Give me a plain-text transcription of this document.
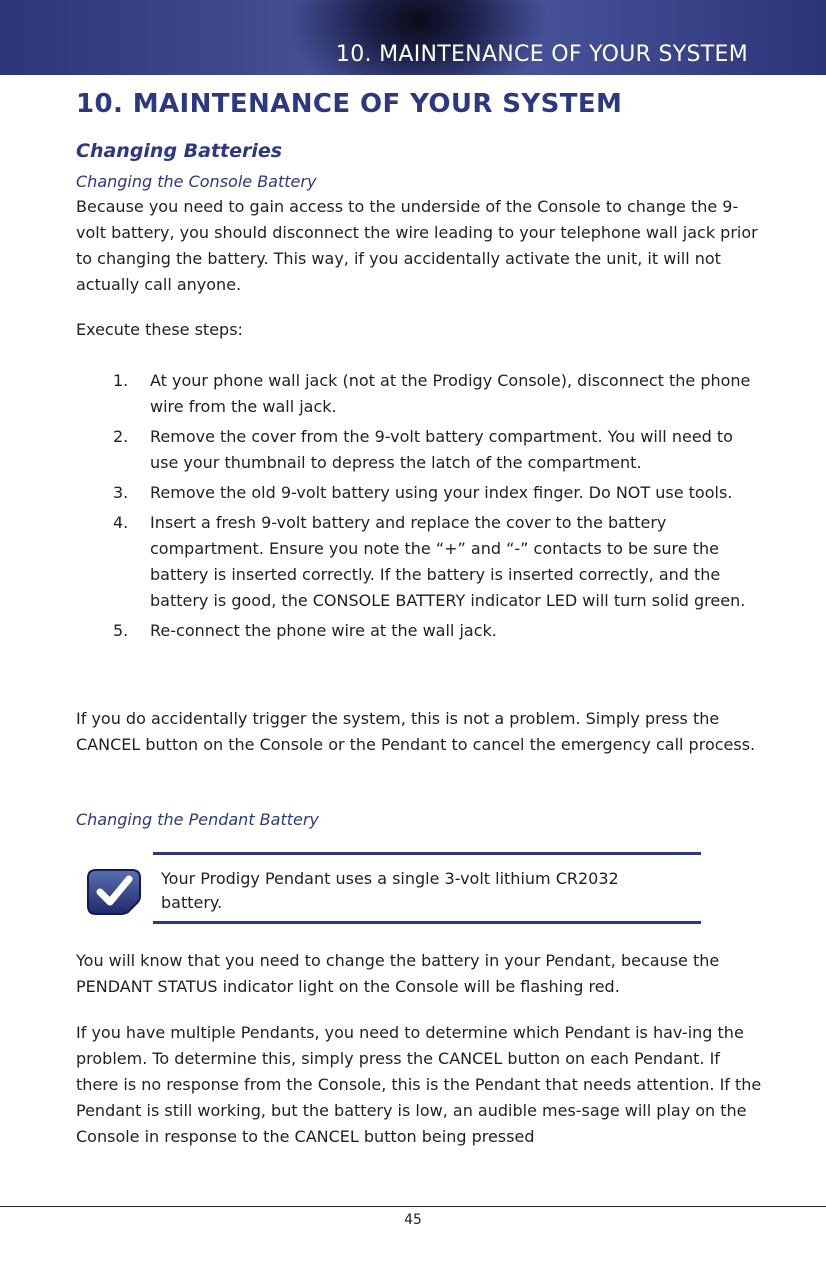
10. MAINTENANCE OF YOUR SYSTEM
10. MAINTENANCE OF YOUR SYSTEM
Changing Batteries
Changing the Console Battery

Because you need to gain access to the underside of the Console to change the 9-volt battery, you should disconnect the wire leading to your telephone wall jack prior to changing the battery. This way, if you accidentally activate the unit, it will not actually call anyone.

Execute these steps:

1. At your phone wall jack (not at the Prodigy Console), disconnect the phone wire from the wall jack.
2. Remove the cover from the 9-volt battery compartment. You will need to use your thumbnail to depress the latch of the compartment.
3. Remove the old 9-volt battery using your index finger. Do NOT use tools.
4. Insert a fresh 9-volt battery and replace the cover to the battery compartment. Ensure you note the “+” and “-” contacts to be sure the battery is inserted correctly. If the battery is inserted correctly, and the battery is good, the CONSOLE BATTERY indicator LED will turn solid green.
5. Re-connect the phone wire at the wall jack.

If you do accidentally trigger the system, this is not a problem. Simply press the CANCEL button on the Console or the Pendant to cancel the emergency call process.

Changing the Pendant Battery

Your Prodigy Pendant uses a single 3-volt lithium CR2032 battery.

You will know that you need to change the battery in your Pendant, because the PENDANT STATUS indicator light on the Console will be flashing red.

If you have multiple Pendants, you need to determine which Pendant is hav-ing the problem. To determine this, simply press the CANCEL button on each Pendant. If there is no response from the Console, this is the Pendant that needs attention. If the Pendant is still working, but the battery is low, an audible mes-sage will play on the Console in response to the CANCEL button being pressed

45
